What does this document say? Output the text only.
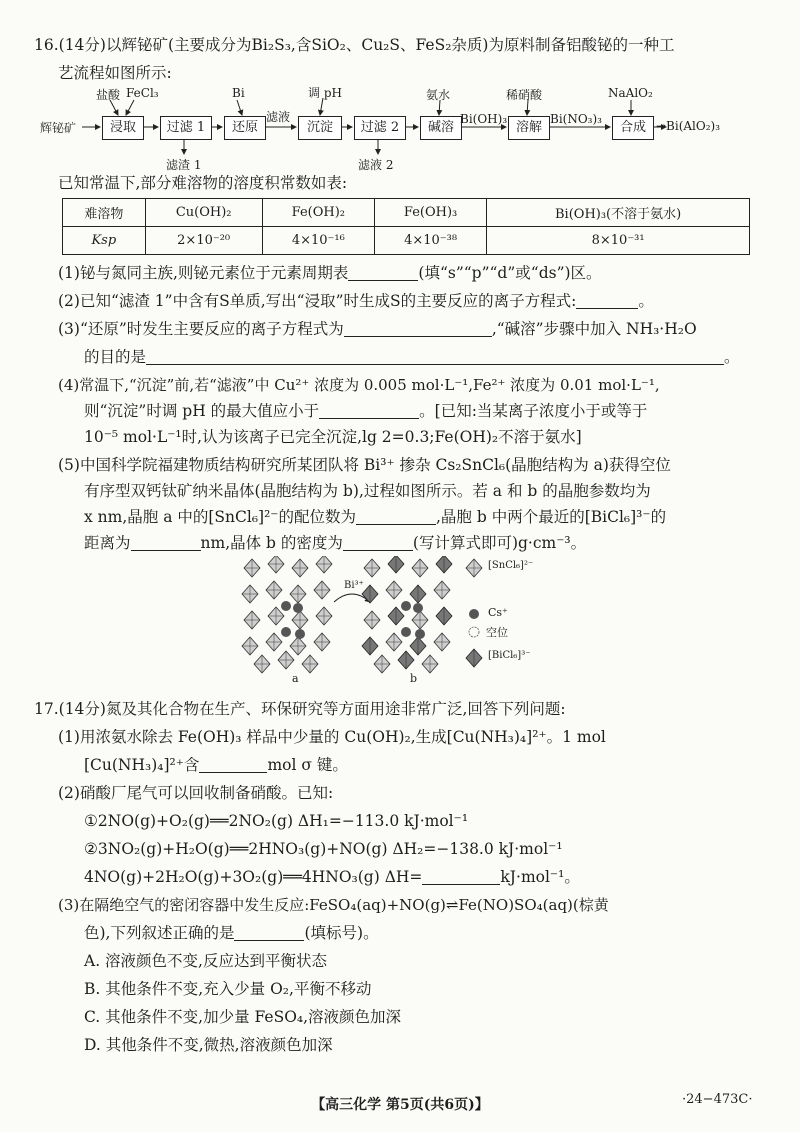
16.(14分)以辉铋矿(主要成分为Bi₂S₃,含SiO₂、Cu₂S、FeS₂杂质)为原料制备铝酸铋的一种工
艺流程如图所示:
辉铋矿
盐酸 FeCl₃	Bi	调 pH	氨水	稀硝酸	NaAlO₂
浸取	过滤 1	还原
滤液
沉淀	过滤 2	碱溶
Bi(OH)₃
溶解
Bi(NO₃)₃
合成 →Bi(AlO₂)₃
滤渣 1	滤液 2
已知常温下,部分难溶物的溶度积常数如表:
难溶物	Cu(OH)₂	Fe(OH)₂	Fe(OH)₃	Bi(OH)₃(不溶于氨水)
Ksp	2×10⁻²⁰	4×10⁻¹⁶	4×10⁻³⁸	8×10⁻³¹
(1)铋与氮同主族,则铋元素位于元素周期表	(填“s”“p”“d”或“ds”)区。
(2)已知“滤渣 1”中含有S单质,写出“浸取”时生成S的主要反应的离子方程式:	。
(3)“还原”时发生主要反应的离子方程式为	,“碱溶”步骤中加入 NH₃·H₂O
的目的是	。
(4)常温下,“沉淀”前,若“滤液”中 Cu²⁺ 浓度为 0.005 mol·L⁻¹,Fe²⁺ 浓度为 0.01 mol·L⁻¹,
则“沉淀”时调 pH 的最大值应小于	。[已知:当某离子浓度小于或等于
10⁻⁵ mol·L⁻¹时,认为该离子已完全沉淀,lg 2=0.3;Fe(OH)₂不溶于氨水]
(5)中国科学院福建物质结构研究所某团队将 Bi³⁺ 掺杂 Cs₂SnCl₆(晶胞结构为 a)获得空位
有序型双钙钛矿纳米晶体(晶胞结构为 b),过程如图所示。若 a 和 b 的晶胞参数均为
x nm,晶胞 a 中的[SnCl₆]²⁻的配位数为	,晶胞 b 中两个最近的[BiCl₆]³⁻的
距离为	nm,晶体 b 的密度为	(写计算式即可)g·cm⁻³。
Bi³⁺
a	b
[SnCl₆]²⁻
Cs⁺
空位
[BiCl₆]³⁻
17.(14分)氮及其化合物在生产、环保研究等方面用途非常广泛,回答下列问题:
(1)用浓氨水除去 Fe(OH)₃ 样品中少量的 Cu(OH)₂,生成[Cu(NH₃)₄]²⁺。1 mol
[Cu(NH₃)₄]²⁺含	mol σ 键。
(2)硝酸厂尾气可以回收制备硝酸。已知:
①2NO(g)+O₂(g)══2NO₂(g) ΔH₁=−113.0 kJ·mol⁻¹
②3NO₂(g)+H₂O(g)══2HNO₃(g)+NO(g) ΔH₂=−138.0 kJ·mol⁻¹
4NO(g)+2H₂O(g)+3O₂(g)══4HNO₃(g) ΔH=	kJ·mol⁻¹。
(3)在隔绝空气的密闭容器中发生反应:FeSO₄(aq)+NO(g)⇌Fe(NO)SO₄(aq)(棕黄
色),下列叙述正确的是	(填标号)。
A. 溶液颜色不变,反应达到平衡状态
B. 其他条件不变,充入少量 O₂,平衡不移动
C. 其他条件不变,加少量 FeSO₄,溶液颜色加深
D. 其他条件不变,微热,溶液颜色加深
【高三化学 第5页(共6页)】	·24−473C·
